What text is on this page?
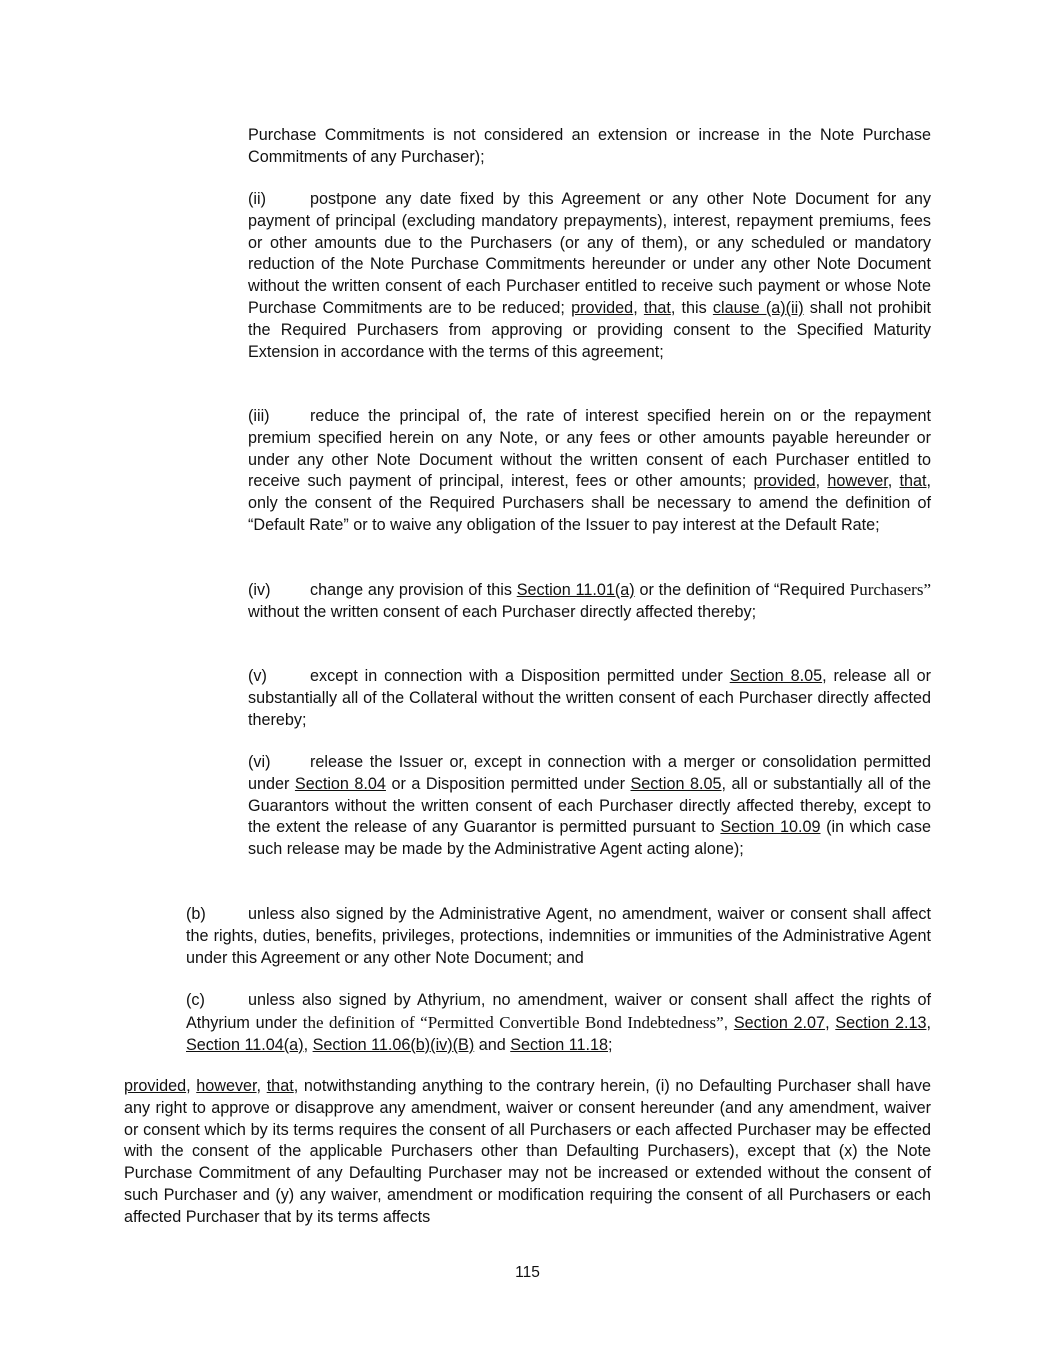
Purchase Commitments is not considered an extension or increase in the Note Purchase Commitments of any Purchaser);

(ii)	postpone any date fixed by this Agreement or any other Note Document for any payment of principal (excluding mandatory prepayments), interest, repayment premiums, fees or other amounts due to the Purchasers (or any of them), or any scheduled or mandatory reduction of the Note Purchase Commitments hereunder or under any other Note Document without the written consent of each Purchaser entitled to receive such payment or whose Note Purchase Commitments are to be reduced; provided, that, this clause (a)(ii) shall not prohibit the Required Purchasers from approving or providing consent to the Specified Maturity Extension in accordance with the terms of this agreement;

(iii) reduce the principal of, the rate of interest specified herein on or the repayment premium specified herein on any Note, or any fees or other amounts payable hereunder or under any other Note Document without the written consent of each Purchaser entitled to receive such payment of principal, interest, fees or other amounts; provided, however, that, only the consent of the Required Purchasers shall be necessary to amend the definition of “Default Rate” or to waive any obligation of the Issuer to pay interest at the Default Rate;

(iv) change any provision of this Section 11.01(a) or the definition of “Required Purchasers” without the written consent of each Purchaser directly affected thereby;

(v)	except in connection with a Disposition permitted under Section 8.05, release all or substantially all of the Collateral without the written consent of each Purchaser directly affected thereby;

(vi) release the Issuer or, except in connection with a merger or consolidation permitted under Section 8.04 or a Disposition permitted under Section 8.05, all or substantially all of the Guarantors without the written consent of each Purchaser directly affected thereby, except to the extent the release of any Guarantor is permitted pursuant to Section 10.09 (in which case such release may be made by the Administrative Agent acting alone);

(b)	unless also signed by the Administrative Agent, no amendment, waiver or consent shall affect the rights, duties, benefits, privileges, protections, indemnities or immunities of the Administrative Agent under this Agreement or any other Note Document; and

(c)	unless also signed by Athyrium, no amendment, waiver or consent shall affect the rights of Athyrium under the definition of “Permitted Convertible Bond Indebtedness”, Section 2.07, Section 2.13, Section 11.04(a), Section 11.06(b)(iv)(B) and Section 11.18;

provided, however, that, notwithstanding anything to the contrary herein, (i) no Defaulting Purchaser shall have any right to approve or disapprove any amendment, waiver or consent hereunder (and any amendment, waiver or consent which by its terms requires the consent of all Purchasers or each affected Purchaser may be effected with the consent of the applicable Purchasers other than Defaulting Purchasers), except that (x) the Note Purchase Commitment of any Defaulting Purchaser may not be increased or extended without the consent of such Purchaser and (y) any waiver, amendment or modification requiring the consent of all Purchasers or each affected Purchaser that by its terms affects

115
